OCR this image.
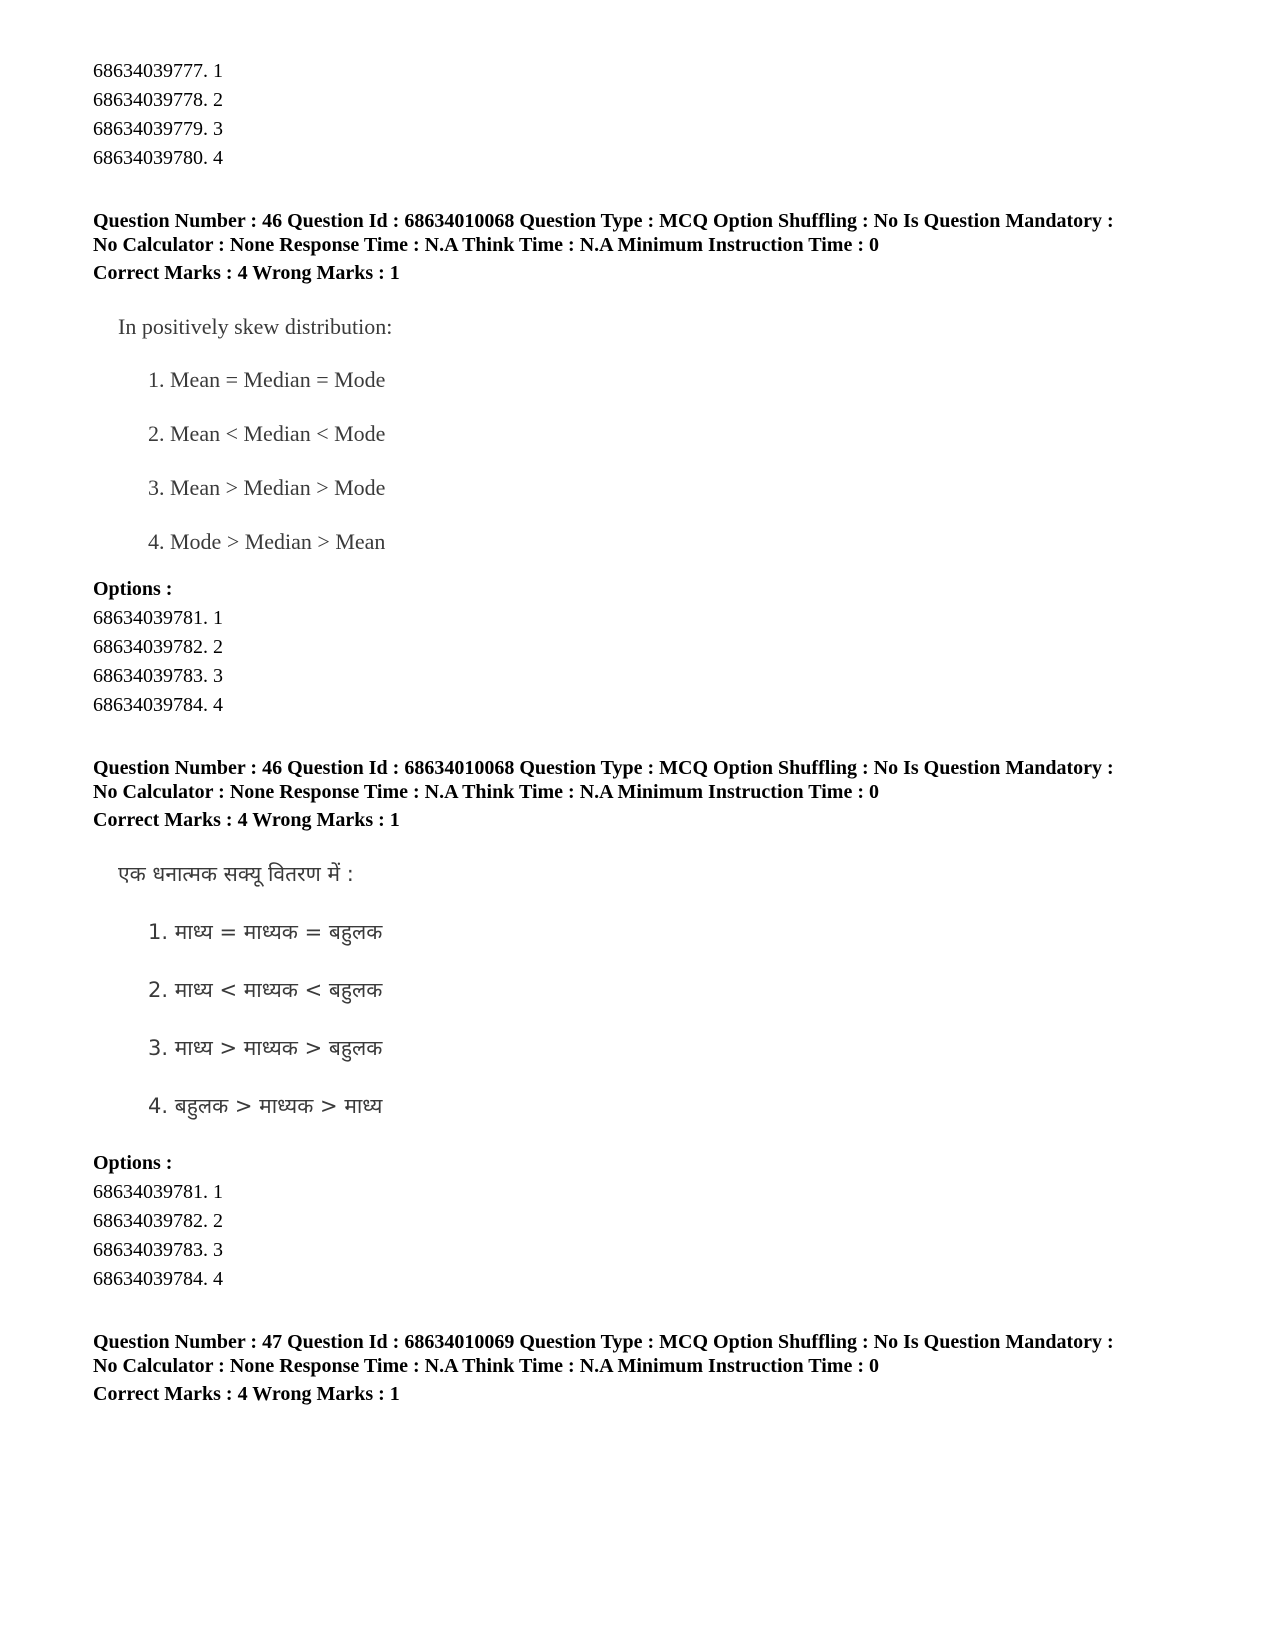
68634039777. 1
68634039778. 2
68634039779. 3
68634039780. 4
Question Number : 46 Question Id : 68634010068 Question Type : MCQ Option Shuffling : No Is Question Mandatory :
No Calculator : None Response Time : N.A Think Time : N.A Minimum Instruction Time : 0
Correct Marks : 4 Wrong Marks : 1
In positively skew distribution:
1. Mean = Median = Mode
2. Mean < Median < Mode
3. Mean > Median > Mode
4. Mode > Median > Mean
Options :
68634039781. 1
68634039782. 2
68634039783. 3
68634039784. 4
Question Number : 46 Question Id : 68634010068 Question Type : MCQ Option Shuffling : No Is Question Mandatory :
No Calculator : None Response Time : N.A Think Time : N.A Minimum Instruction Time : 0
Correct Marks : 4 Wrong Marks : 1
एक धनात्मक सक्यू वितरण में :
1. माध्य = माध्यक = बहुलक
2. माध्य < माध्यक < बहुलक
3. माध्य > माध्यक > बहुलक
4. बहुलक > माध्यक > माध्य
Options :
68634039781. 1
68634039782. 2
68634039783. 3
68634039784. 4
Question Number : 47 Question Id : 68634010069 Question Type : MCQ Option Shuffling : No Is Question Mandatory :
No Calculator : None Response Time : N.A Think Time : N.A Minimum Instruction Time : 0
Correct Marks : 4 Wrong Marks : 1
